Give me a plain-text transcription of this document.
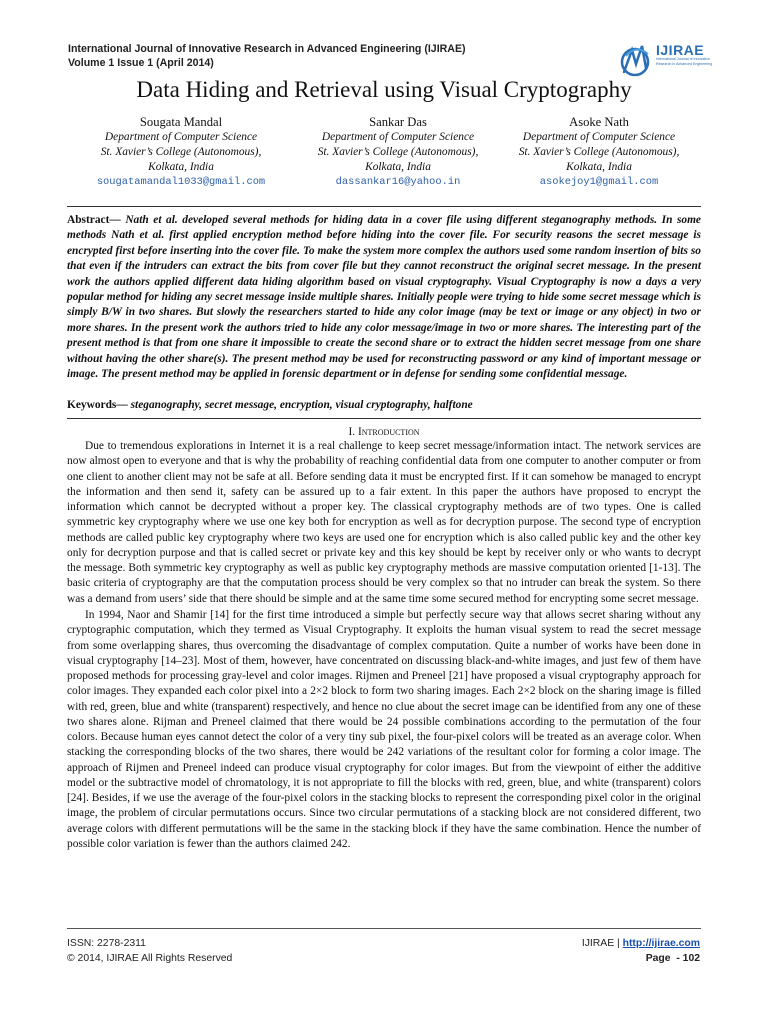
International Journal of Innovative Research in Advanced Engineering (IJIRAE)
Volume 1 Issue 1 (April 2014)
IJIRAE
International Journal of Innovative Research in Advanced Engineering
Data Hiding and Retrieval using Visual Cryptography
Sougata Mandal
Department of Computer Science
St. Xavier’s College (Autonomous),
Kolkata, India
sougatamandal1033@gmail.com
Sankar Das
Department of Computer Science
St. Xavier’s College (Autonomous),
Kolkata, India
dassankar16@yahoo.in
Asoke Nath
Department of Computer Science
St. Xavier’s College (Autonomous),
Kolkata, India
asokejoy1@gmail.com
Abstract— Nath et al. developed several methods for hiding data in a cover file using different steganography methods. In some methods Nath et al. first applied encryption method before hiding into the cover file. For security reasons the secret message is encrypted first before inserting into the cover file. To make the system more complex the authors used some random insertion of bits so that even if the intruders can extract the bits from cover file but they cannot reconstruct the original secret message. In the present work the authors applied different data hiding algorithm based on visual cryptography. Visual Cryptography is now a days a very popular method for hiding any secret message inside multiple shares. Initially people were trying to hide some secret message which is simply B/W in two shares. But slowly the researchers started to hide any color image (may be text or image or any object) in two or more shares. In the present work the authors tried to hide any color message/image in two or more shares. The interesting part of the present method is that from one share it impossible to create the second share or to extract the hidden secret message from one share without having the other share(s). The present method may be used for reconstructing password or any kind of important message or image. The present method may be applied in forensic department or in defense for sending some confidential message.
Keywords— steganography, secret message, encryption, visual cryptography, halftone
I. Introduction

Due to tremendous explorations in Internet it is a real challenge to keep secret message/information intact. The network services are now almost open to everyone and that is why the probability of reaching confidential data from one computer to another computer or from one client to another client may not be safe at all. Before sending data it must be encrypted first. If it can somehow be managed to encrypt the information and then send it, safety can be assured up to a fair extent. In this paper the authors have proposed to encrypt the information which cannot be decrypted without a proper key. The classical cryptography methods are of two types. One is called symmetric key cryptography where we use one key both for encryption as well as for decryption purpose. The second type of encryption methods are called public key cryptography where two keys are used one for encryption which is also called public key and the other key only for decryption purpose and that is called secret or private key and this key should be kept by receiver only or who wants to decrypt the message. Both symmetric key cryptography as well as public key cryptography methods are massive computation oriented [1-13]. The basic criteria of cryptography are that the computation process should be very complex so that no intruder can break the system. So there was a demand from users’ side that there should be simple and at the same time some secured method for encrypting some secret message.

In 1994, Naor and Shamir [14] for the first time introduced a simple but perfectly secure way that allows secret sharing without any cryptographic computation, which they termed as Visual Cryptography. It exploits the human visual system to read the secret message from some overlapping shares, thus overcoming the disadvantage of complex computation. Quite a number of works have been done in visual cryptography [14–23]. Most of them, however, have concentrated on discussing black-and-white images, and just few of them have proposed methods for processing gray-level and color images. Rijmen and Preneel [21] have proposed a visual cryptography approach for color images. They expanded each color pixel into a 2×2 block to form two sharing images. Each 2×2 block on the sharing image is filled with red, green, blue and white (transparent) respectively, and hence no clue about the secret image can be identified from any one of these two shares alone. Rijman and Preneel claimed that there would be 24 possible combinations according to the permutation of the four colors. Because human eyes cannot detect the color of a very tiny sub pixel, the four-pixel colors will be treated as an average color. When stacking the corresponding blocks of the two shares, there would be 242 variations of the resultant color for forming a color image. The approach of Rijmen and Preneel indeed can produce visual cryptography for color images. But from the viewpoint of either the additive model or the subtractive model of chromatology, it is not appropriate to fill the blocks with red, green, blue, and white (transparent) colors [24]. Besides, if we use the average of the four-pixel colors in the stacking blocks to represent the corresponding pixel color in the original image, the problem of circular permutations occurs. Since two circular permutations of a stacking block are not considered different, two average colors with different permutations will be the same in the stacking block if they have the same combination. Hence the number of possible color variation is fewer than the authors claimed 242.

ISSN: 2278-2311
© 2014, IJIRAE All Rights Reserved
IJIRAE | http://ijirae.com
Page - 102
